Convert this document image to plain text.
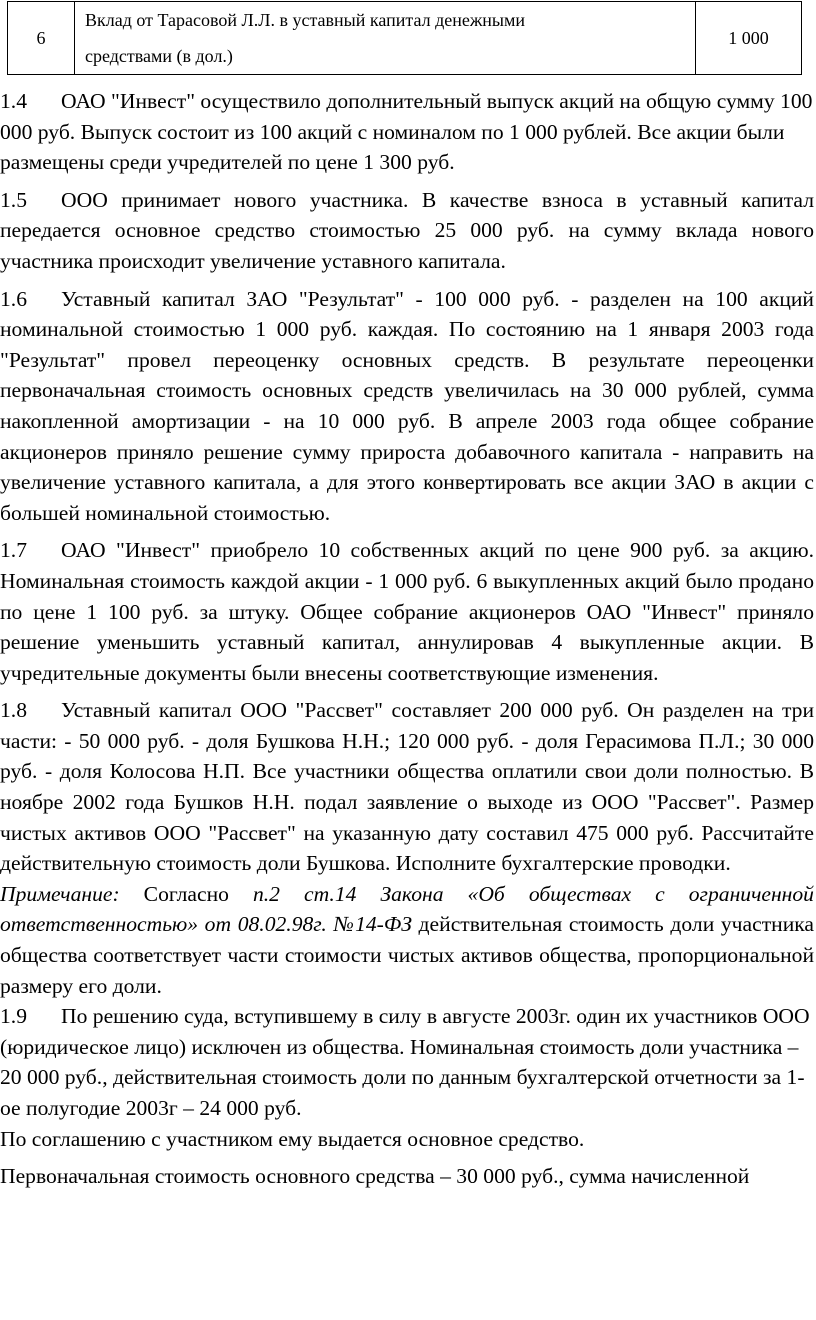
6	Вклад от Тарасовой Л.Л. в уставный капитал денежными
средствами (в дол.)	1 000

1.4 ОАО "Инвест" осуществило дополнительный выпуск акций на общую сумму 100 000 руб. Выпуск состоит из 100 акций с номиналом по 1 000 рублей. Все акции были размещены среди учредителей по цене 1 300 руб.

1.5 ООО принимает нового участника. В качестве взноса в уставный капитал передается основное средство стоимостью 25 000 руб. на сумму вклада нового участника происходит увеличение уставного капитала.

1.6 Уставный капитал ЗАО "Результат" - 100 000 руб. - разделен на 100 акций номинальной стоимостью 1 000 руб. каждая. По состоянию на 1 января 2003 года "Результат" провел переоценку основных средств. В результате переоценки первоначальная стоимость основных средств увеличилась на 30 000 рублей, сумма накопленной амортизации - на 10 000 руб. В апреле 2003 года общее собрание акционеров приняло решение сумму прироста добавочного капитала - направить на увеличение уставного капитала, а для этого конвертировать все акции ЗАО в акции с большей номинальной стоимостью.

1.7 ОАО "Инвест" приобрело 10 собственных акций по цене 900 руб. за акцию. Номинальная стоимость каждой акции - 1 000 руб. 6 выкупленных акций было продано по цене 1 100 руб. за штуку. Общее собрание акционеров ОАО "Инвест" приняло решение уменьшить уставный капитал, аннулировав 4 выкупленные акции. В учредительные документы были внесены соответствующие изменения.

1.8 Уставный капитал ООО "Рассвет" составляет 200 000 руб. Он разделен на три части: - 50 000 руб. - доля Бушкова Н.Н.; 120 000 руб. - доля Герасимова П.Л.; 30 000 руб. - доля Колосова Н.П. Все участники общества оплатили свои доли полностью. В ноябре 2002 года Бушков Н.Н. подал заявление о выходе из ООО "Рассвет". Размер чистых активов ООО "Рассвет" на указанную дату составил 475 000 руб. Рассчитайте действительную стоимость доли Бушкова. Исполните бухгалтерские проводки.

Примечание: Согласно п.2 ст.14 Закона «Об обществах с ограниченной ответственностью» от 08.02.98г. №14-ФЗ действительная стоимость доли участника общества соответствует части стоимости чистых активов общества, пропорциональной размеру его доли.

1.9 По решению суда, вступившему в силу в августе 2003г. один их участников ООО (юридическое лицо) исключен из общества. Номинальная стоимость доли участника – 20 000 руб., действительная стоимость доли по данным бухгалтерской отчетности за 1-ое полугодие 2003г – 24 000 руб.

По соглашению с участником ему выдается основное средство.

Первоначальная стоимость основного средства – 30 000 руб., сумма начисленной
